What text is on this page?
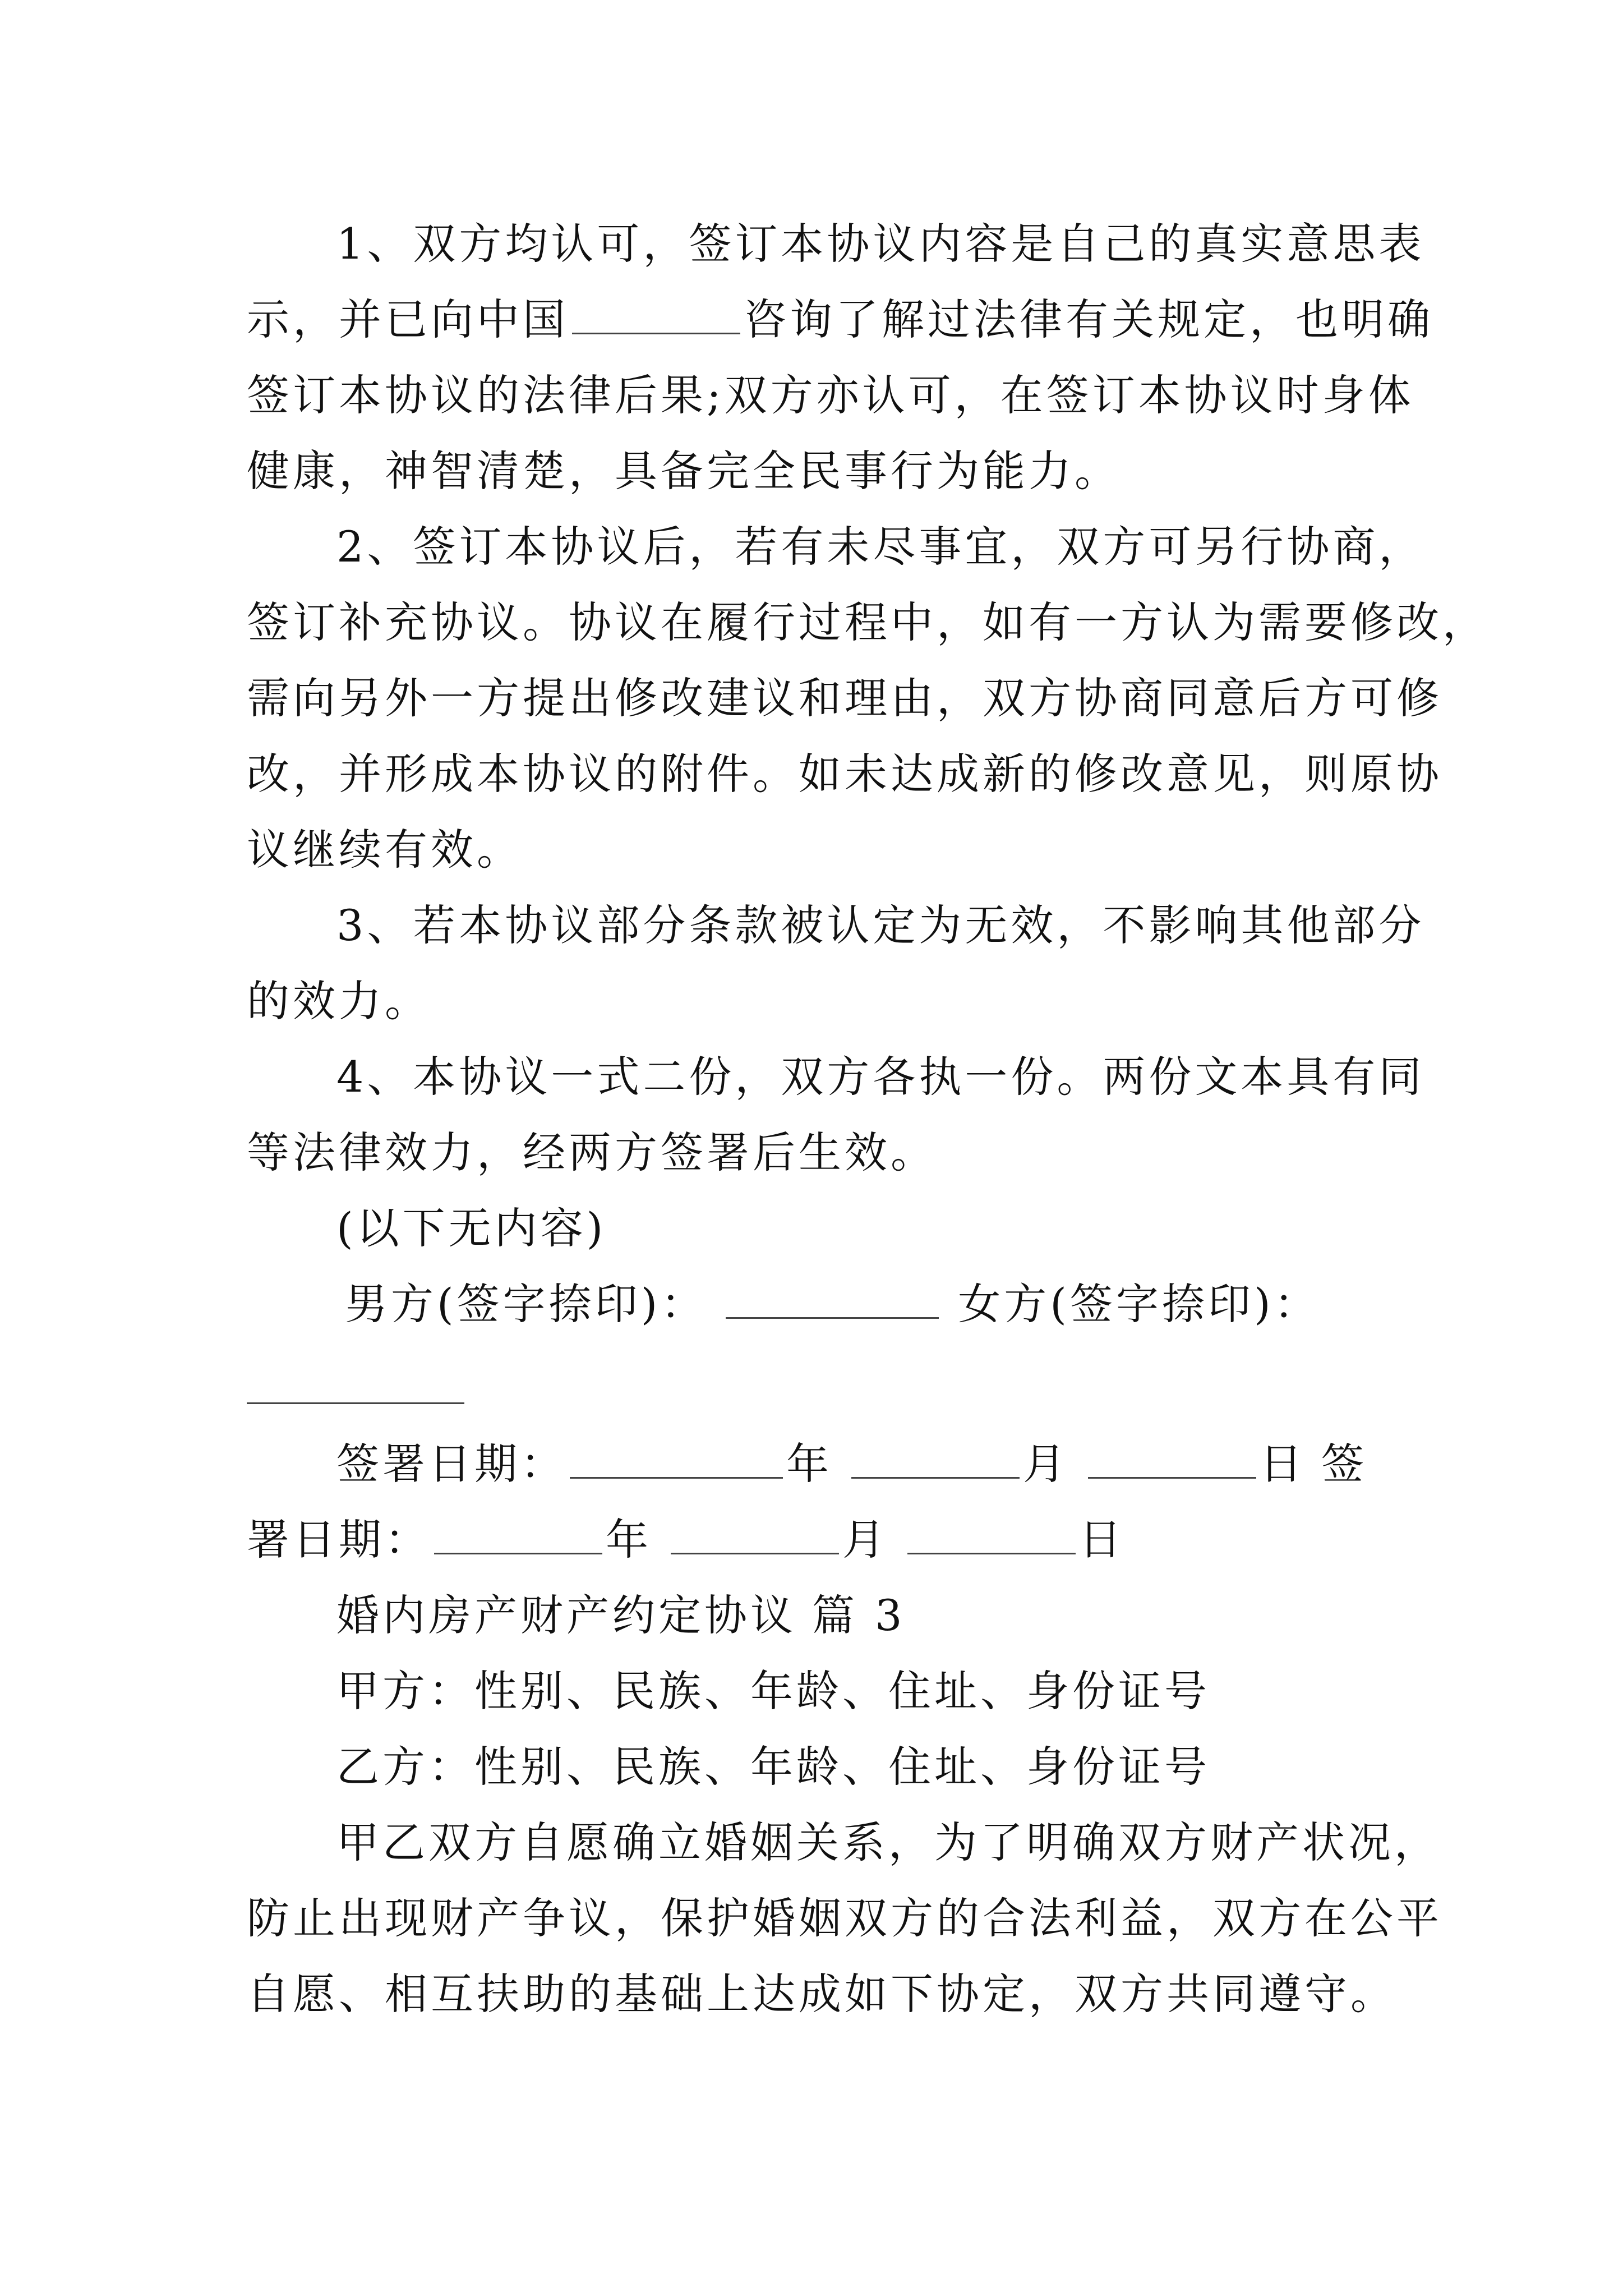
1、双方均认可，签订本协议内容是自己的真实意思表
示，并已向中国	咨询了解过法律有关规定，也明确
签订本协议的法律后果;双方亦认可，在签订本协议时身体
健康，神智清楚，具备完全民事行为能力。
2、签订本协议后，若有未尽事宜，双方可另行协商，
签订补充协议。协议在履行过程中，如有一方认为需要修改，
需向另外一方提出修改建议和理由，双方协商同意后方可修
改，并形成本协议的附件。如未达成新的修改意见，则原协
议继续有效。
3、若本协议部分条款被认定为无效，不影响其他部分
的效力。
4、本协议一式二份，双方各执一份。两份文本具有同
等法律效力，经两方签署后生效。
(以下无内容)
男方(签字捺印)：	女方(签字捺印)：
签署日期：	年	月	日 签
署日期：	年	月	日
婚内房产财产约定协议 篇 3
甲方：性别、民族、年龄、住址、身份证号
乙方：性别、民族、年龄、住址、身份证号
甲乙双方自愿确立婚姻关系，为了明确双方财产状况，
防止出现财产争议，保护婚姻双方的合法利益，双方在公平
自愿、相互扶助的基础上达成如下协定，双方共同遵守。
